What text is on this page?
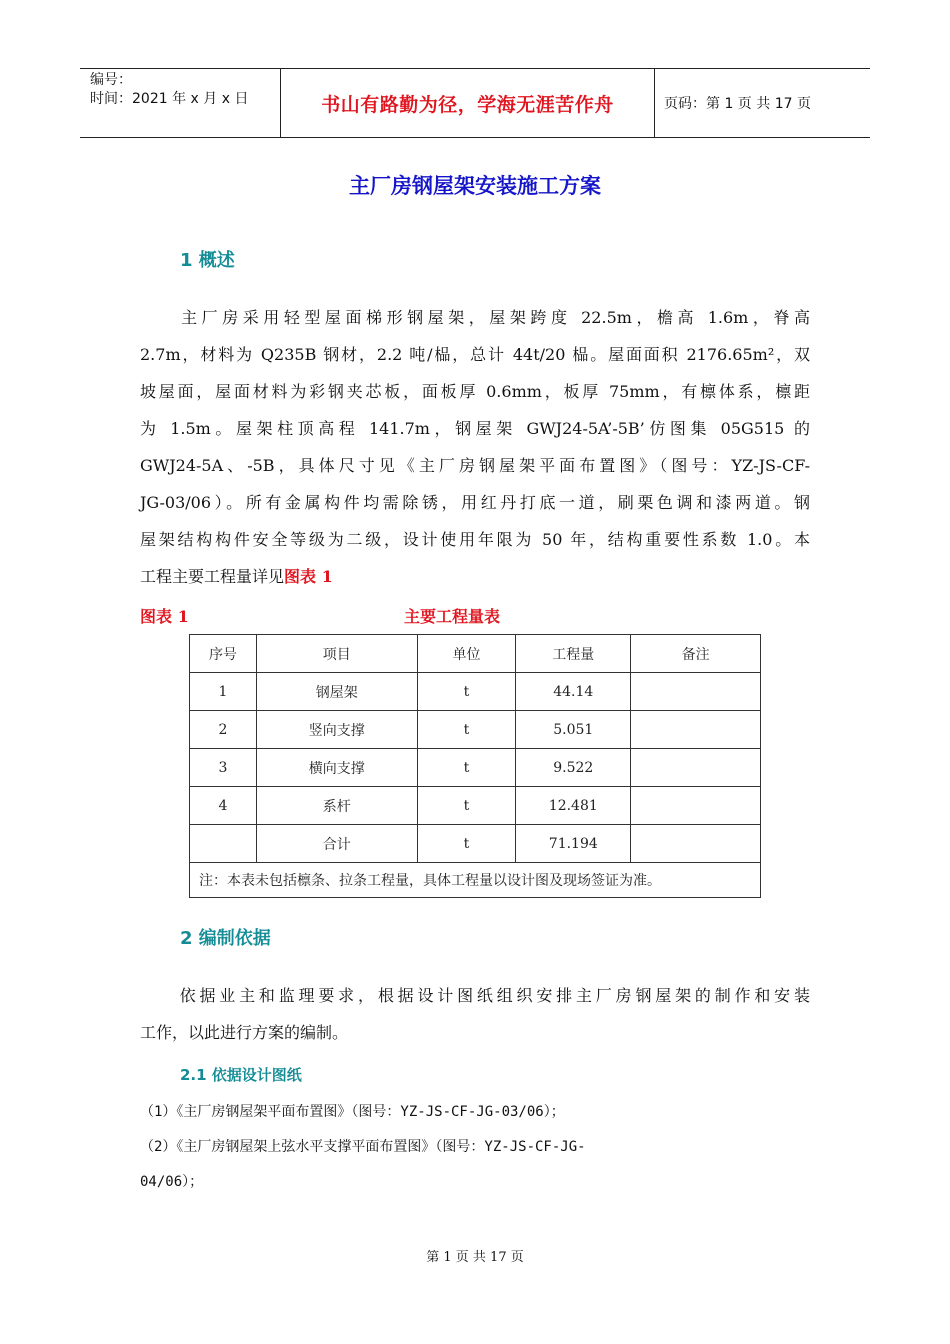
编号：
时间：2021 年 x 月 x 日	书山有路勤为径，学海无涯苦作舟	页码：第 1 页 共 17 页
主厂房钢屋架安装施工方案
1 概述
　　主厂房采用轻型屋面梯形钢屋架，屋架跨度 22.5m，檐高 1.6m，脊高
2.7m，材料为 Q235B 钢材，2.2 吨/榀，总计 44t/20 榀。屋面面积 2176.65m²，双
坡屋面，屋面材料为彩钢夹芯板，面板厚 0.6mm，板厚 75mm，有檩体系，檩距
为 1.5m。屋架柱顶高程 141.7m，钢屋架 GWJ24-5A’-5B’仿图集 05G515 的
GWJ24-5A、-5B，具体尺寸见《主厂房钢屋架平面布置图》（图号：YZ-JS-CF-
JG-03/06）。所有金属构件均需除锈，用红丹打底一道，刷栗色调和漆两道。钢
屋架结构构件安全等级为二级，设计使用年限为 50 年，结构重要性系数 1.0。本
工程主要工程量详见图表 1
图表 1	主要工程量表
序号	项目	单位	工程量	备注
1	钢屋架	t	44.14	
2	竖向支撑	t	5.051	
3	横向支撑	t	9.522	
4	系杆	t	12.481	
	合计	t	71.194	
注：本表未包括檩条、拉条工程量，具体工程量以设计图及现场签证为准。				
2 编制依据
　　依据业主和监理要求，根据设计图纸组织安排主厂房钢屋架的制作和安装
工作，以此进行方案的编制。
2.1 依据设计图纸
（1）《主厂房钢屋架平面布置图》（图号：YZ-JS-CF-JG-03/06）；
（2）《主厂房钢屋架上弦水平支撑平面布置图》（图号：YZ-JS-CF-JG-
04/06）；
第 1 页 共 17 页
